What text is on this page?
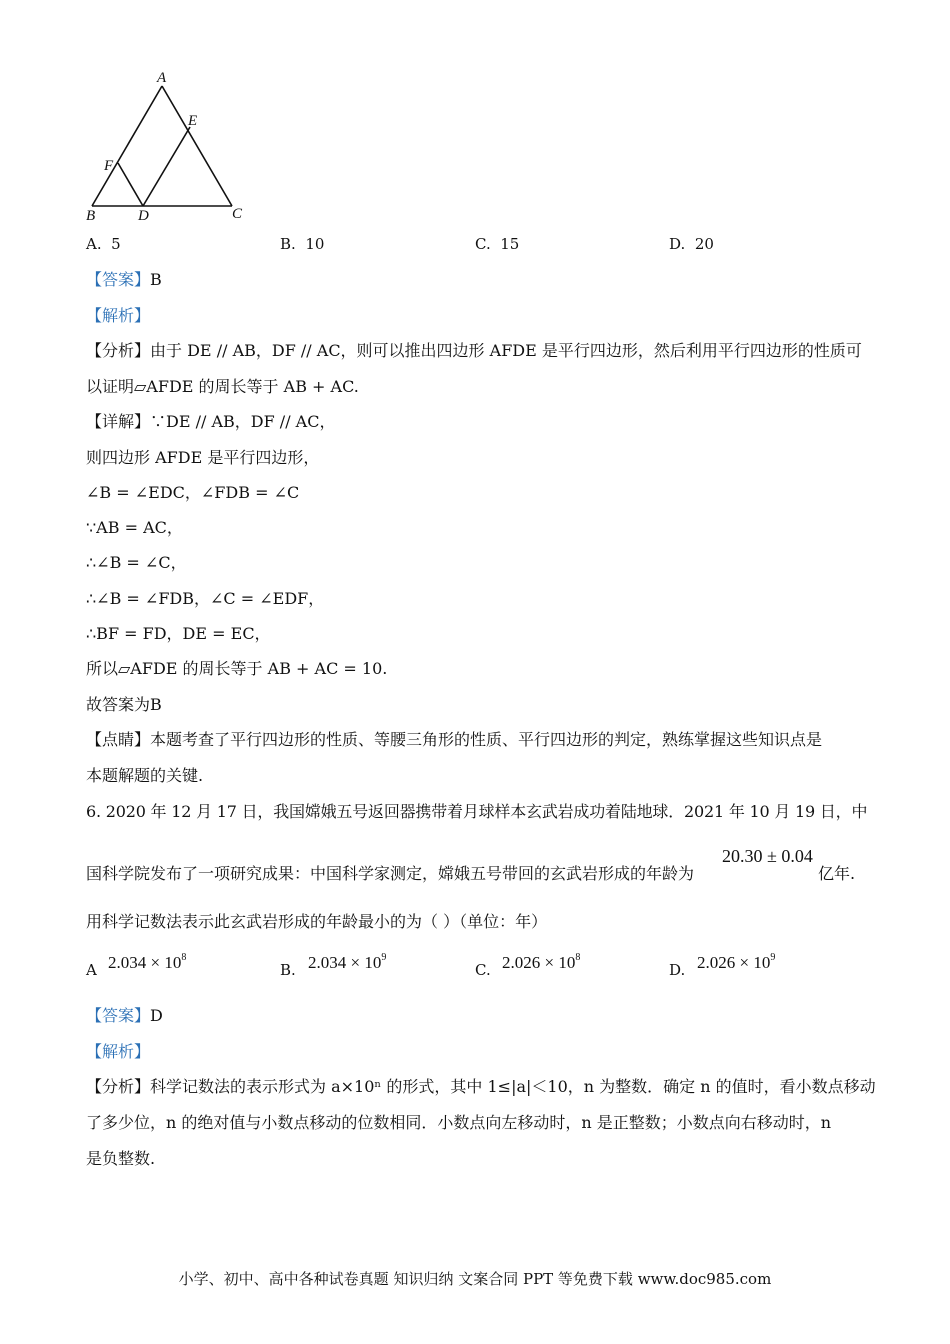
A
E
F
B	D	C
A. 5	B. 10	C. 15	D. 20
【答案】B
【解析】
【分析】由于 DE // AB，DF // AC，则可以推出四边形 AFDE 是平行四边形，然后利用平行四边形的性质可
以证明▱AFDE 的周长等于 AB + AC.
【详解】∵DE // AB，DF // AC，
则四边形 AFDE 是平行四边形，
∠B = ∠EDC，∠FDB = ∠C
∵AB = AC，
∴∠B = ∠C，
∴∠B = ∠FDB，∠C = ∠EDF，
∴BF = FD，DE = EC，
所以▱AFDE 的周长等于 AB + AC = 10.
故答案为B
【点睛】本题考查了平行四边形的性质、等腰三角形的性质、平行四边形的判定，熟练掌握这些知识点是
本题解题的关键.
6. 2020 年 12 月 17 日，我国嫦娥五号返回器携带着月球样本玄武岩成功着陆地球．2021 年 10 月 19 日，中
国科学院发布了一项研究成果：中国科学家测定，嫦娥五号带回的玄武岩形成的年龄为
20.30 ± 0.04
亿年.
用科学记数法表示此玄武岩形成的年龄最小的为（ ）（单位：年）
A $2.034 \times 10^8$
B. $2.034 \times 10^9$
C. $2.026 \times 10^8$
D. $2.026 \times 10^9$
【答案】D
【解析】
【分析】科学记数法的表示形式为 a×10ⁿ 的形式，其中 1≤|a|＜10，n 为整数．确定 n 的值时，看小数点移动
了多少位，n 的绝对值与小数点移动的位数相同．小数点向左移动时，n 是正整数；小数点向右移动时，n
是负整数.
小学、初中、高中各种试卷真题 知识归纳 文案合同 PPT 等免费下载 www.doc985.com
